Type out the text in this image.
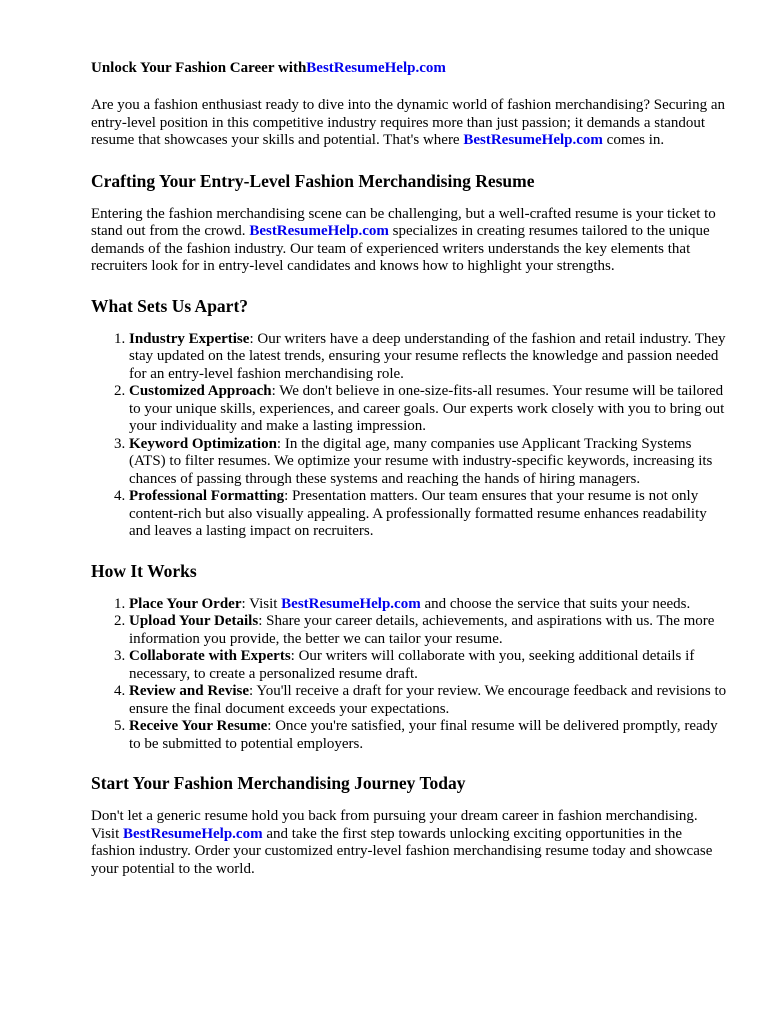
Unlock Your Fashion Career withBestResumeHelp.com

Are you a fashion enthusiast ready to dive into the dynamic world of fashion merchandising? Securing an entry-level position in this competitive industry requires more than just passion; it demands a standout resume that showcases your skills and potential. That's where BestResumeHelp.com comes in.

Crafting Your Entry-Level Fashion Merchandising Resume

Entering the fashion merchandising scene can be challenging, but a well-crafted resume is your ticket to stand out from the crowd. BestResumeHelp.com specializes in creating resumes tailored to the unique demands of the fashion industry. Our team of experienced writers understands the key elements that recruiters look for in entry-level candidates and knows how to highlight your strengths.

What Sets Us Apart?
1. Industry Expertise: Our writers have a deep understanding of the fashion and retail industry. They stay updated on the latest trends, ensuring your resume reflects the knowledge and passion needed for an entry-level fashion merchandising role.
2. Customized Approach: We don't believe in one-size-fits-all resumes. Your resume will be tailored to your unique skills, experiences, and career goals. Our experts work closely with you to bring out your individuality and make a lasting impression.
3. Keyword Optimization: In the digital age, many companies use Applicant Tracking Systems (ATS) to filter resumes. We optimize your resume with industry-specific keywords, increasing its chances of passing through these systems and reaching the hands of hiring managers.
4. Professional Formatting: Presentation matters. Our team ensures that your resume is not only content-rich but also visually appealing. A professionally formatted resume enhances readability and leaves a lasting impact on recruiters.
How It Works
1. Place Your Order: Visit BestResumeHelp.com and choose the service that suits your needs.
2. Upload Your Details: Share your career details, achievements, and aspirations with us. The more information you provide, the better we can tailor your resume.
3. Collaborate with Experts: Our writers will collaborate with you, seeking additional details if necessary, to create a personalized resume draft.
4. Review and Revise: You'll receive a draft for your review. We encourage feedback and revisions to ensure the final document exceeds your expectations.
5. Receive Your Resume: Once you're satisfied, your final resume will be delivered promptly, ready to be submitted to potential employers.
Start Your Fashion Merchandising Journey Today

Don't let a generic resume hold you back from pursuing your dream career in fashion merchandising. Visit BestResumeHelp.com and take the first step towards unlocking exciting opportunities in the fashion industry. Order your customized entry-level fashion merchandising resume today and showcase your potential to the world.
